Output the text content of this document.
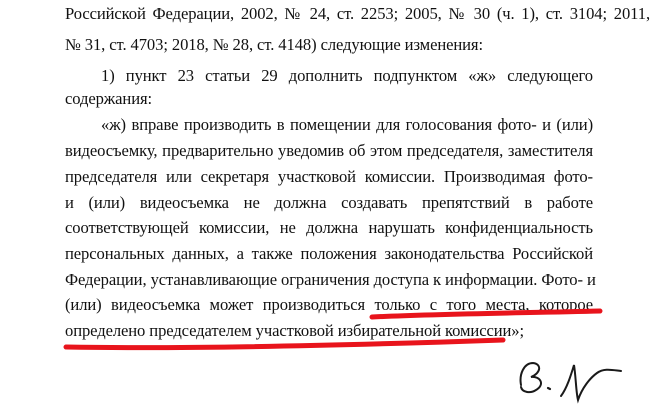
Российской Федерации, 2002, № 24, ст. 2253; 2005, № 30 (ч. 1), ст. 3104; 2011,
№ 31, ст. 4703; 2018, № 28, ст. 4148) следующие изменения:
1) пункт 23 статьи 29 дополнить подпунктом «ж» следующего
содержания:
«ж) вправе производить в помещении для голосования фото- и (или)
видеосъемку, предварительно уведомив об этом председателя, заместителя
председателя или секретаря участковой комиссии. Производимая фото-
и (или) видеосъемка не должна создавать препятствий в работе
соответствующей комиссии, не должна нарушать конфиденциальность
персональных данных, а также положения законодательства Российской
Федерации, устанавливающие ограничения доступа к информации. Фото- и
(или) видеосъемка может производиться только с того места, которое
определено председателем участковой избирательной комиссии»;
